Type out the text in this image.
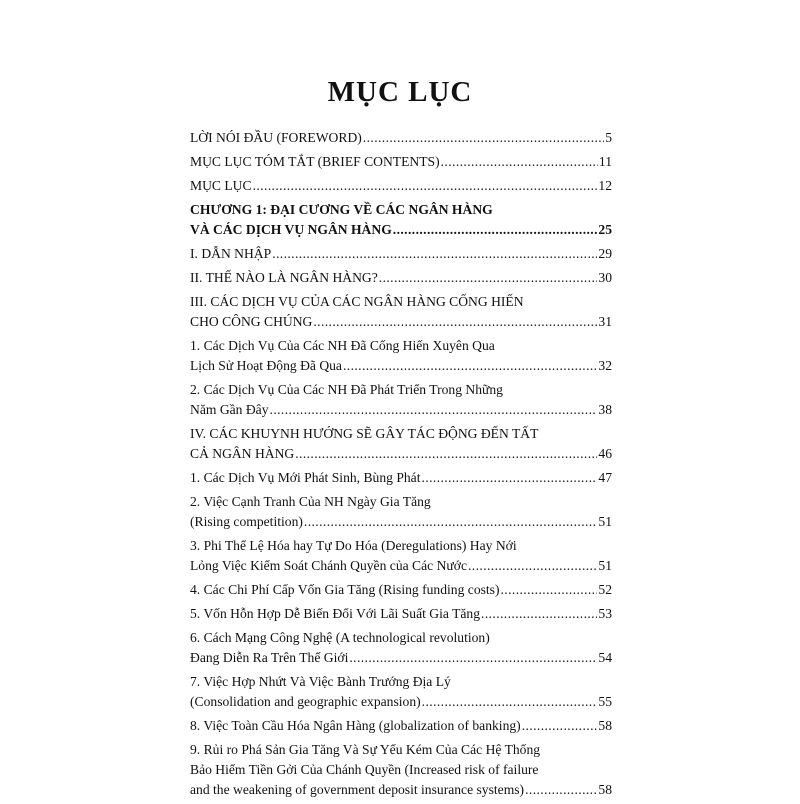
MỤC LỤC
LỜI NÓI ĐẦU (FOREWORD) .....	5
MỤC LỤC TÓM TẮT (BRIEF CONTENTS) .....	11
MỤC LỤC .....	12
CHƯƠNG 1: ĐẠI CƯƠNG VỀ CÁC NGÂN HÀNG
VÀ CÁC DỊCH VỤ NGÂN HÀNG .....	25
I. DẪN NHẬP .....	29
II. THẾ NÀO LÀ NGÂN HÀNG? .....	30
III. CÁC DỊCH VỤ CỦA CÁC NGÂN HÀNG CỐNG HIẾN
CHO CÔNG CHÚNG .....	31
1. Các Dịch Vụ Của Các NH Đã Cống Hiến Xuyên Qua
Lịch Sử Hoạt Động Đã Qua .....	32
2. Các Dịch Vụ Của Các NH Đã Phát Triển Trong Những
Năm Gần Đây .....	38
IV. CÁC KHUYNH HƯỚNG SẼ GÂY TÁC ĐỘNG ĐẾN TẤT
CẢ NGÂN HÀNG .....	46
1. Các Dịch Vụ Mới Phát Sinh, Bùng Phát .....	47
2. Việc Cạnh Tranh Của NH Ngày Gia Tăng
(Rising competition) .....	51
3. Phi Thể Lệ Hóa hay Tự Do Hóa (Deregulations) Hay Nới
Lỏng Việc Kiểm Soát Chánh Quyền của Các Nước .....	51
4. Các Chi Phí Cấp Vốn Gia Tăng (Rising funding costs) .....	52
5. Vốn Hỗn Hợp Dễ Biến Đổi Với Lãi Suất Gia Tăng .....	53
6. Cách Mạng Công Nghệ (A technological revolution)
Đang Diễn Ra Trên Thế Giới .....	54
7. Việc Hợp Nhứt Và Việc Bành Trướng Địa Lý
(Consolidation and geographic expansion) .....	55
8. Việc Toàn Cầu Hóa Ngân Hàng (globalization of banking) .....	58
9. Rủi ro Phá Sản Gia Tăng Và Sự Yếu Kém Của Các Hệ Thống
Bảo Hiểm Tiền Gởi Của Chánh Quyền (Increased risk of failure
and the weakening of government deposit insurance systems) .....	58
